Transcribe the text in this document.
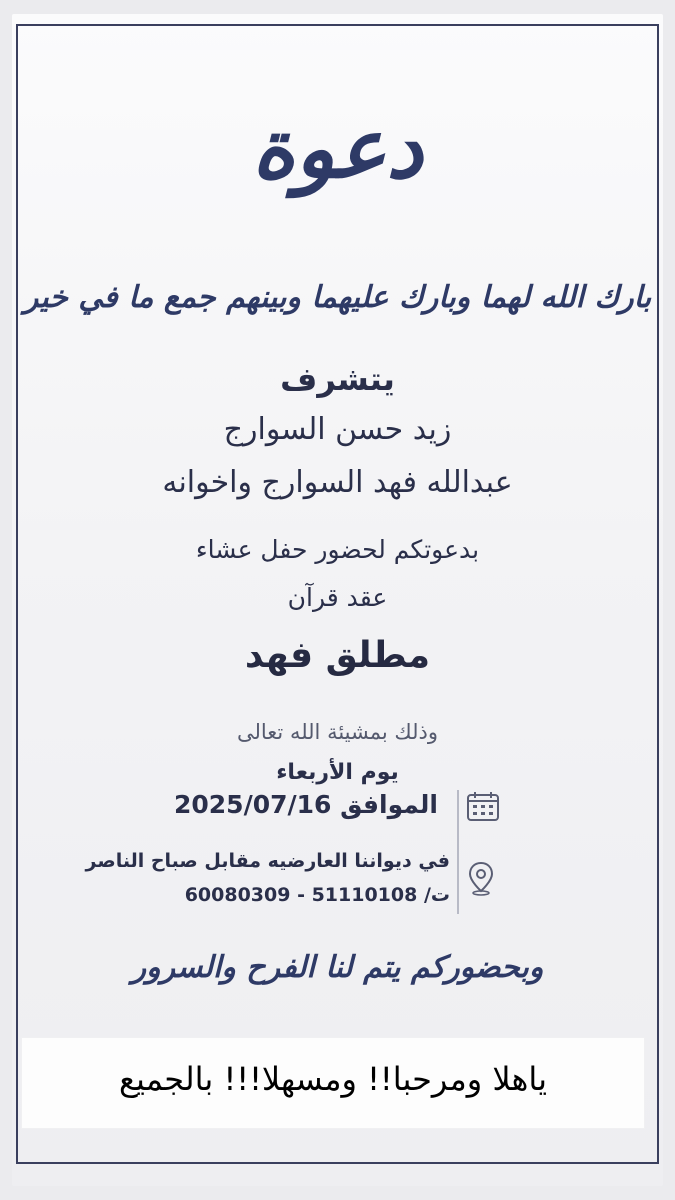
دعوة
بارك الله لهما وبارك عليهما وبينهم جمع ما في خير
يتشرف
زيد حسن السوارج
عبدالله فهد السوارج واخوانه
بدعوتكم لحضور حفل عشاء
عقد قرآن
مطلق فهد
وذلك بمشيئة الله تعالى
يوم الأربعاء
الموافق 2025/07/16
في ديواننا العارضيه مقابل صباح الناصر
ت/ 51110108 - 60080309
وبحضوركم يتم لنا الفرح والسرور
ياهلا ومرحبا!! ومسهلا!!! بالجميع
